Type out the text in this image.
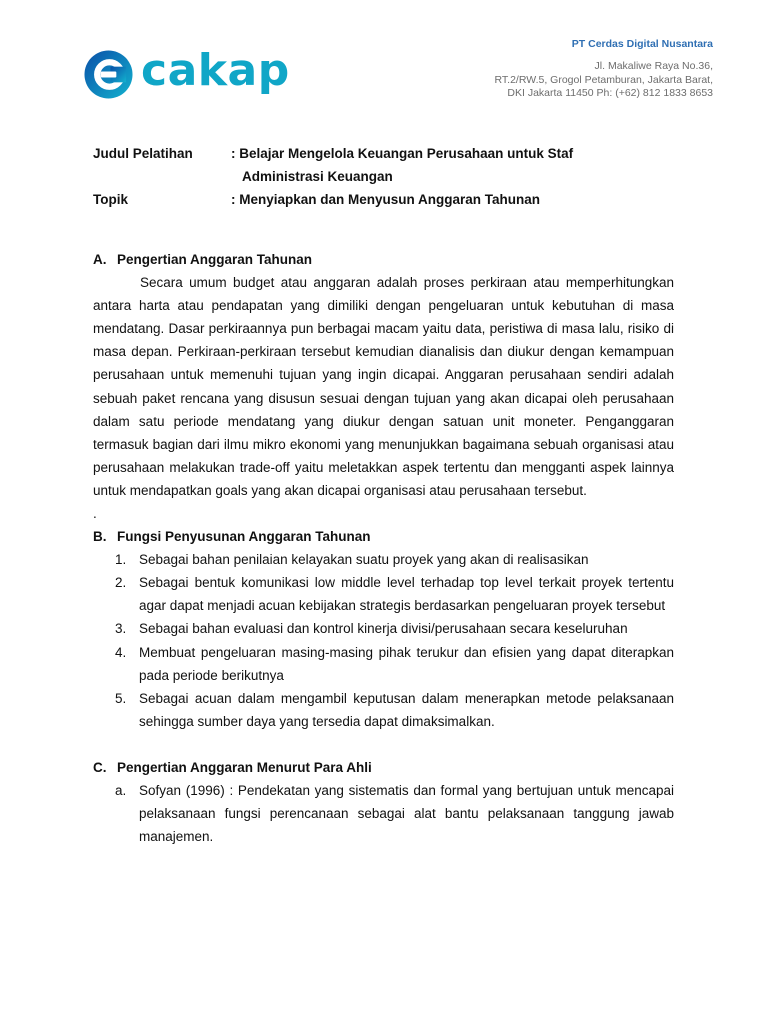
cakap
PT Cerdas Digital Nusantara
Jl. Makaliwe Raya No.36,
RT.2/RW.5, Grogol Petamburan, Jakarta Barat,
DKI Jakarta 11450 Ph: (+62) 812 1833 8653
Judul Pelatihan	: Belajar Mengelola Keuangan Perusahaan untuk Staf
Administrasi Keuangan
Topik	: Menyiapkan dan Menyusun Anggaran Tahunan
A. Pengertian Anggaran Tahunan

Secara umum budget atau anggaran adalah proses perkiraan atau memperhitungkan antara harta atau pendapatan yang dimiliki dengan pengeluaran untuk kebutuhan di masa mendatang. Dasar perkiraannya pun berbagai macam yaitu data, peristiwa di masa lalu, risiko di masa depan. Perkiraan-perkiraan tersebut kemudian dianalisis dan diukur dengan kemampuan perusahaan untuk memenuhi tujuan yang ingin dicapai. Anggaran perusahaan sendiri adalah sebuah paket rencana yang disusun sesuai dengan tujuan yang akan dicapai oleh perusahaan dalam satu periode mendatang yang diukur dengan satuan unit moneter. Penganggaran termasuk bagian dari ilmu mikro ekonomi yang menunjukkan bagaimana sebuah organisasi atau perusahaan melakukan trade-off yaitu meletakkan aspek tertentu dan mengganti aspek lainnya untuk mendapatkan goals yang akan dicapai organisasi atau perusahaan tersebut.

.
B. Fungsi Penyusunan Anggaran Tahunan
1. Sebagai bahan penilaian kelayakan suatu proyek yang akan di realisasikan
2. Sebagai bentuk komunikasi low middle level terhadap top level terkait proyek tertentu agar dapat menjadi acuan kebijakan strategis berdasarkan pengeluaran proyek tersebut
3. Sebagai bahan evaluasi dan kontrol kinerja divisi/perusahaan secara keseluruhan
4. Membuat pengeluaran masing-masing pihak terukur dan efisien yang dapat diterapkan pada periode berikutnya
5. Sebagai acuan dalam mengambil keputusan dalam menerapkan metode pelaksanaan sehingga sumber daya yang tersedia dapat dimaksimalkan.
C. Pengertian Anggaran Menurut Para Ahli
a. Sofyan (1996) : Pendekatan yang sistematis dan formal yang bertujuan untuk mencapai pelaksanaan fungsi perencanaan sebagai alat bantu pelaksanaan tanggung jawab manajemen.
